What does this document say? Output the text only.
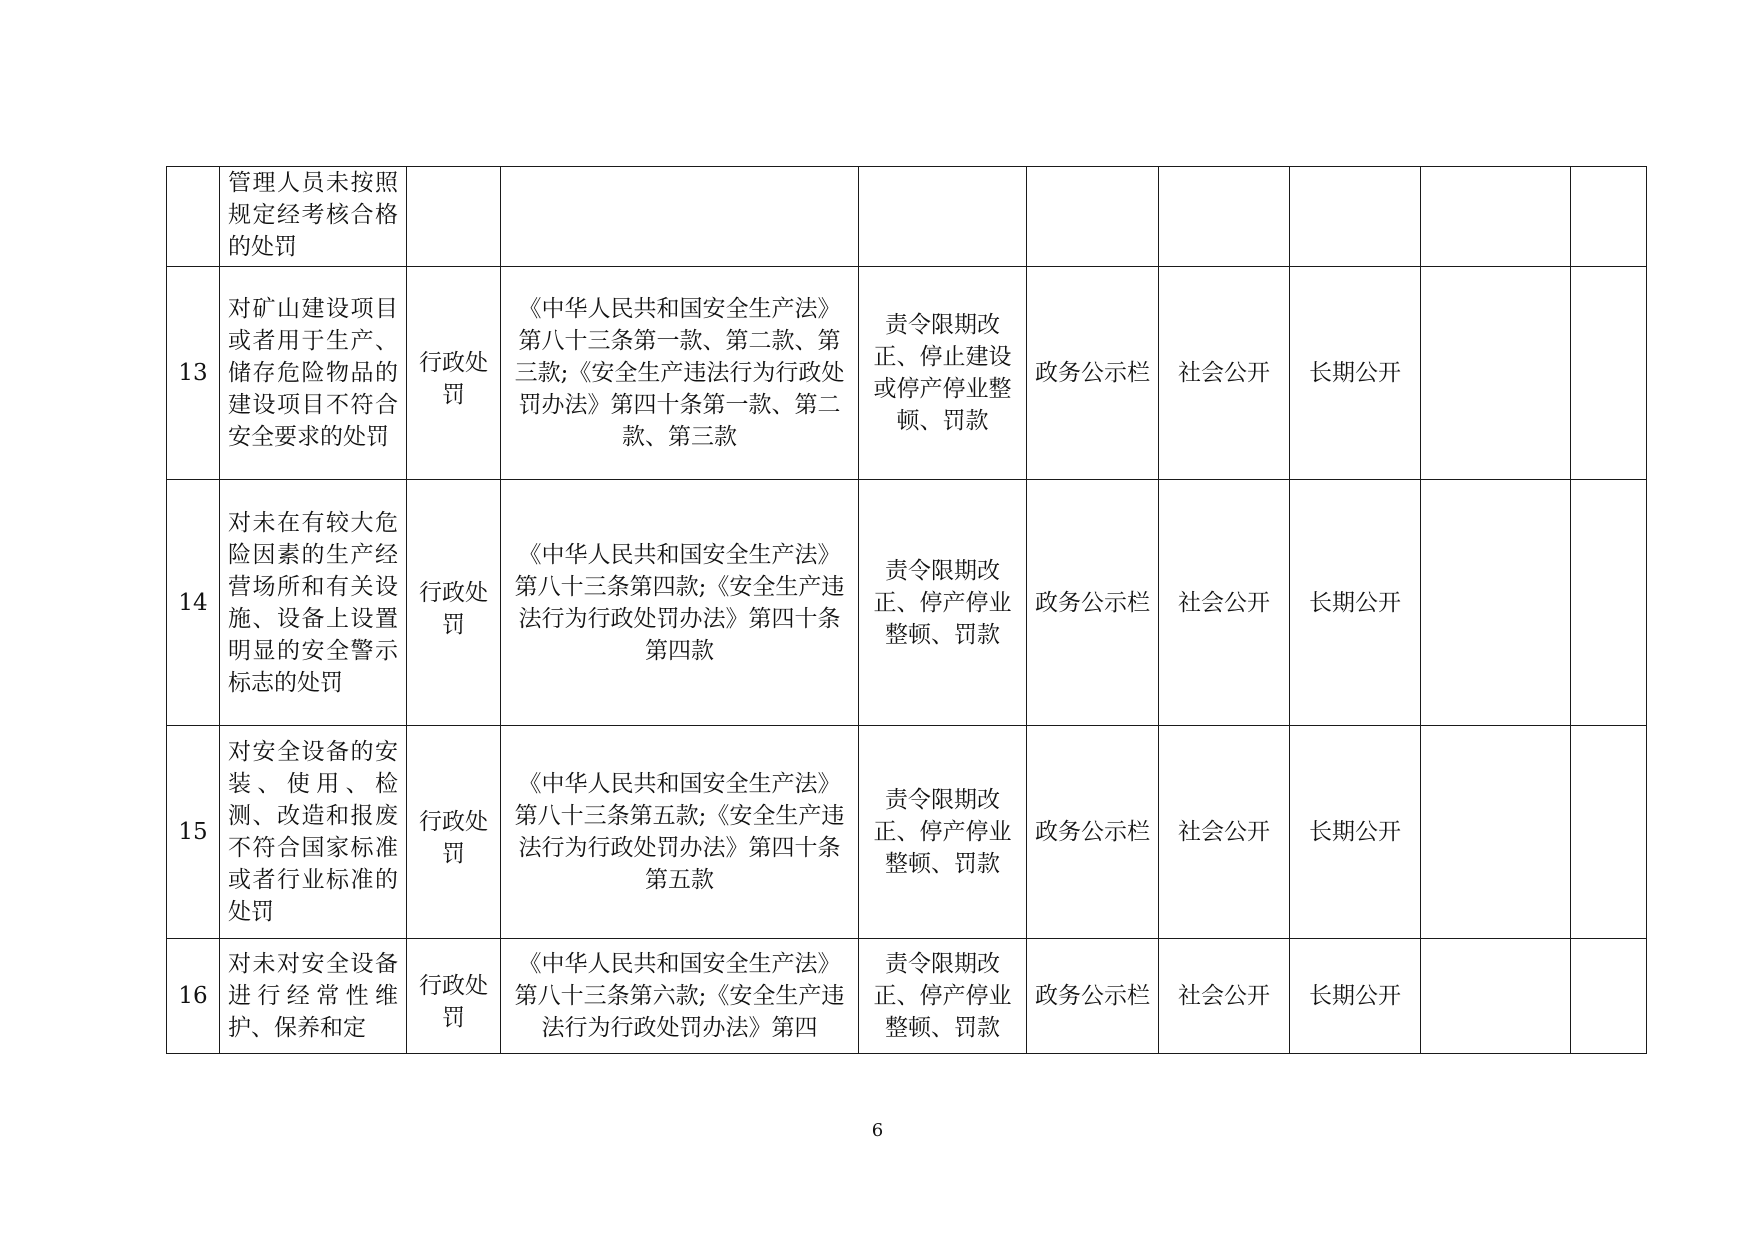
	管理人员未按照规定经考核合格的处罚								
13	对矿山建设项目或者用于生产、储存危险物品的建设项目不符合安全要求的处罚	行政处罚	《中华人民共和国安全生产法》第八十三条第一款、第二款、第三款;《安全生产违法行为行政处罚办法》第四十条第一款、第二款、第三款	责令限期改正、停止建设或停产停业整顿、罚款	政务公示栏	社会公开	长期公开		
14	对未在有较大危险因素的生产经营场所和有关设施、设备上设置明显的安全警示标志的处罚	行政处罚	《中华人民共和国安全生产法》第八十三条第四款;《安全生产违法行为行政处罚办法》第四十条第四款	责令限期改正、停产停业整顿、罚款	政务公示栏	社会公开	长期公开		
15	对安全设备的安装、使用、检测、改造和报废不符合国家标准或者行业标准的处罚	行政处罚	《中华人民共和国安全生产法》第八十三条第五款;《安全生产违法行为行政处罚办法》第四十条第五款	责令限期改正、停产停业整顿、罚款	政务公示栏	社会公开	长期公开		
16	对未对安全设备进行经常性维护、保养和定	行政处罚	《中华人民共和国安全生产法》第八十三条第六款;《安全生产违法行为行政处罚办法》第四	责令限期改正、停产停业整顿、罚款	政务公示栏	社会公开	长期公开		
6
